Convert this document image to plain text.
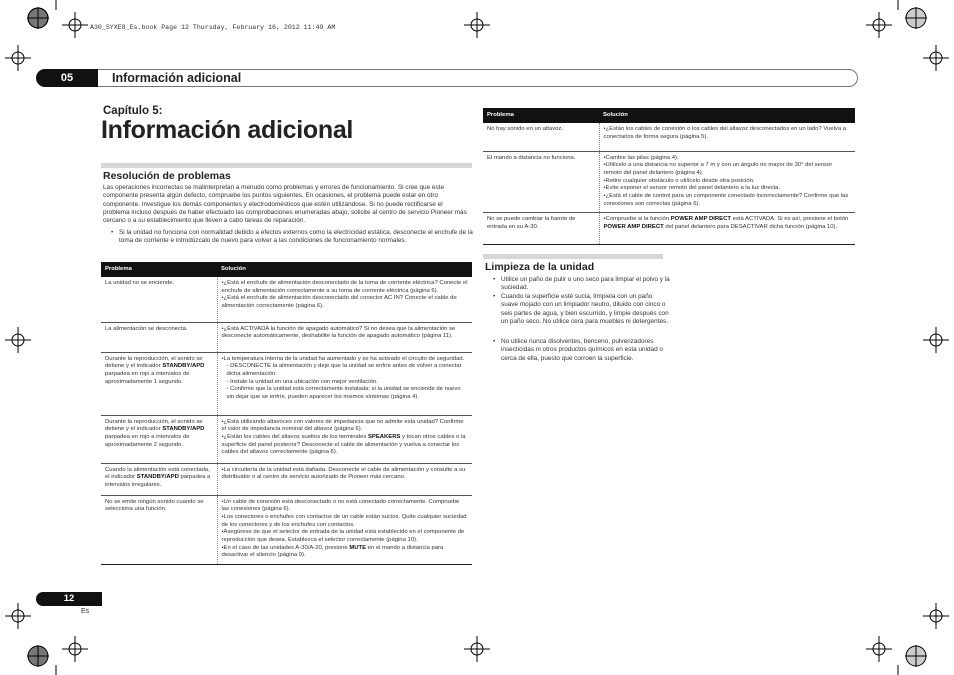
A30_SYXE8_Es.book Page 12 Thursday, February 16, 2012 11:49 AM
Información adicional
05
Capítulo 5:
Información adicional
Resolución de problemas
Las operaciones incorrectas se malinterpretan a menudo como problemas y errores de funcionamiento. Si cree que este componente presenta algún defecto, compruebe los puntos siguientes. En ocasiones, el problema puede estar en otro componente. Investigue los demás componentes y electrodomésticos que estén utilizándose. Si no puede rectificarse el problema incluso después de haber efectuado las comprobaciones enumeradas abajo, solicite al centro de servicio Pioneer más cercano o a su establecimiento que lleven a cabo tareas de reparación.
• Si la unidad no funciona con normalidad debido a efectos externos como la electricidad estática, desconecte el enchufe de la toma de corriente e introdúzcalo de nuevo para volver a las condiciones de funcionamiento normales.
Problema	Solución
La unidad no se enciende.	•¿Está el enchufe de alimentación desconectado de la toma de corriente eléctrica? Conecte el enchufe de alimentación correctamente a su toma de corriente eléctrica (página 6).
•¿Está el enchufe de alimentación desconectado del conector AC IN? Conecte el cable de alimentación correctamente (página 6).

La alimentación se desconecta.	•¿Está ACTIVADA la función de apagado automático? Si no desea que la alimentación se desconecte automáticamente, deshabilite la función de apagado automático (página 11).

Durante la reproducción, el sonido se detiene y el indicador STANDBY/APD parpadea en rojo a intervalos de aproximadamente 1 segundo.	•La temperatura interna de la unidad ha aumentado y se ha activado el circuito de seguridad.
- DESCONECTE la alimentación y deje que la unidad se enfríe antes de volver a conectar dicha alimentación.
- Instale la unidad en una ubicación con mejor ventilación.
- Confirme que la unidad está correctamente instalada; si la unidad se enciende de nuevo sin dejar que se enfríe, pueden aparecer los mismos síntomas (página 4).

Durante la reproducción, el sonido se detiene y el indicador STANDBY/APD parpadea en rojo a intervalos de aproximadamente 2 segundo.	•¿Está utilizando altavoces con valores de impedancia que no admite esta unidad? Confirme el valor de impedancia nominal del altavoz (página 6).
•¿Están los cables del altavoz sueltos de los terminales SPEAKERS y tocan otros cables o la superficie del panel posterior? Desconecte el cable de alimentación y vuelva a conectar los cables del altavoz correctamente (página 6).

Cuando la alimentación está conectada, el indicador STANDBY/APD parpadea a intervalos irregulares.	•La circuitería de la unidad está dañada. Desconecte el cable de alimentación y consulte a su distribuidor o al centro de servicio autorizado de Pioneer más cercano.

No se emite ningún sonido cuando se selecciona una función.	•Un cable de conexión está desconectado o no está conectado correctamente. Compruebe las conexiones (página 6).
•Los conectores o enchufes con contactos de un cable están sucios. Quite cualquier suciedad de los conectores y de los enchufes con contactos.
•Asegúrese de que el selector de entrada de la unidad está establecido en el componente de reproducción que desea. Establezca el selector correctamente (página 10).
•En el caso de las unidades A-30/A-20, presione MUTE en el mando a distancia para desactivar el silencio (página 9).
Problema	Solución
No hay sonido en un altavoz.	•¿Están los cables de conexión o los cables del altavoz desconectados en un lado? Vuelva a conectarlos de forma segura (página 5).

El mando a distancia no funciona.	•Cambie las pilas (página 4).
•Utilícelo a una distancia no superior a 7 m y con un ángulo no mayor de 30° del sensor remoto del panel delantero (página 4).
•Retire cualquier obstáculo o utilícelo desde otra posición.
•Evite exponer el sensor remoto del panel delantero a la luz directa.
•¿Está el cable de control para un componente conectado incorrectamente? Confirme que las conexiones son correctas (página 6).

No se puede cambiar la fuente de entrada en su A-30.	•Compruebe si la función POWER AMP DIRECT está ACTIVADA. Si es así, presione el botón POWER AMP DIRECT del panel delantero para DESACTIVAR dicha función (página 10).
Limpieza de la unidad
• Utilice un paño de pulir o uno seco para limpiar el polvo y la suciedad.
• Cuando la superficie esté sucia, límpiela con un paño suave mojado con un limpiador neutro, diluido con cinco o seis partes de agua, y bien escurrido, y limpie después con un paño seco. No utilice cera para muebles ni detergentes.
• No utilice nunca disolventes, benceno, pulverizadores insecticidas ni otros productos químicos en esta unidad o cerca de ella, puesto que corroen la superficie.
12
Es
